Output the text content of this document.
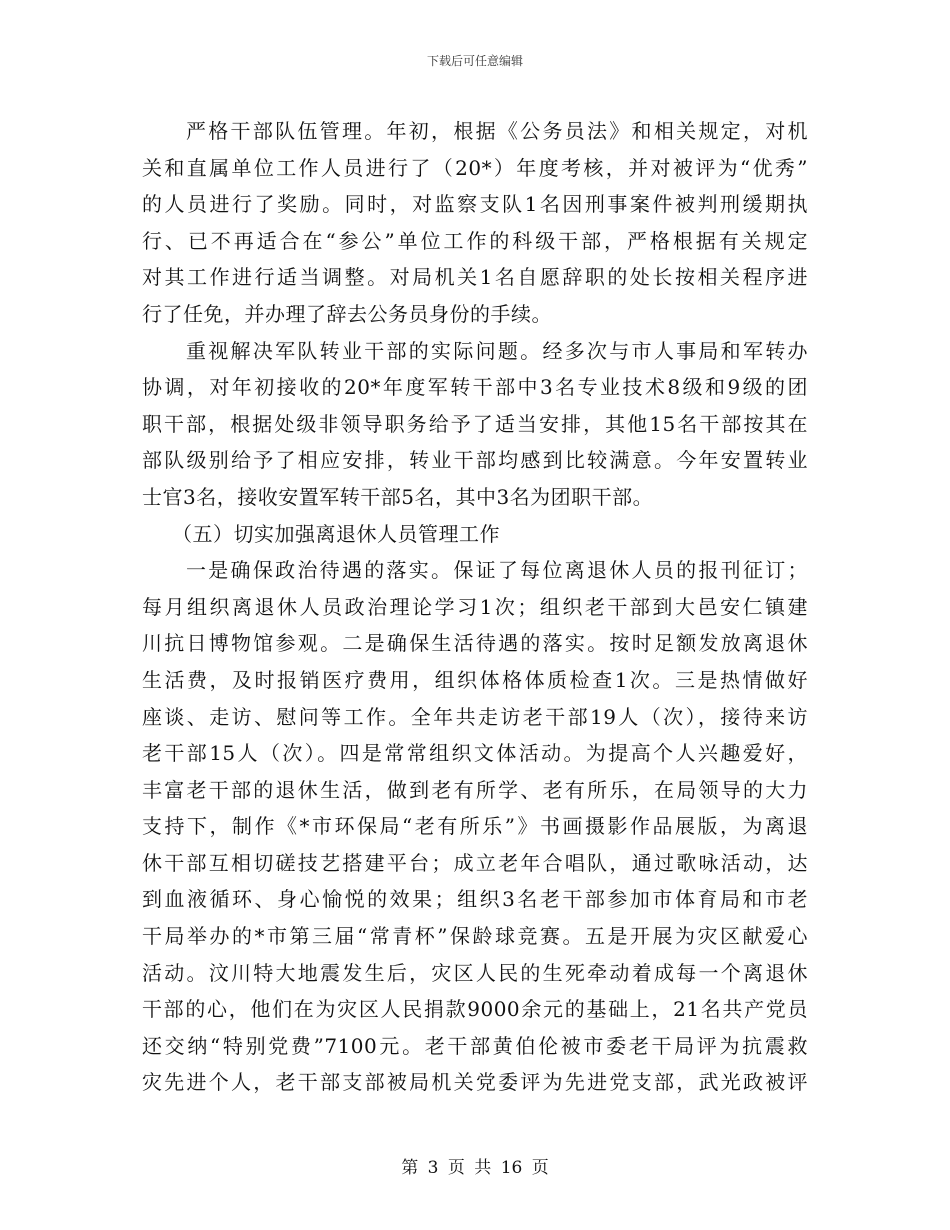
下载后可任意编辑
严格干部队伍管理。年初，根据《公务员法》和相关规定，对机
关和直属单位工作人员进行了（20*）年度考核，并对被评为“优秀”
的人员进行了奖励。同时，对监察支队1名因刑事案件被判刑缓期执
行、已不再适合在“参公”单位工作的科级干部，严格根据有关规定
对其工作进行适当调整。对局机关1名自愿辞职的处长按相关程序进
行了任免，并办理了辞去公务员身份的手续。
重视解决军队转业干部的实际问题。经多次与市人事局和军转办
协调，对年初接收的20*年度军转干部中3名专业技术8级和9级的团
职干部，根据处级非领导职务给予了适当安排，其他15名干部按其在
部队级别给予了相应安排，转业干部均感到比较满意。今年安置转业
士官3名，接收安置军转干部5名，其中3名为团职干部。
（五）切实加强离退休人员管理工作
一是确保政治待遇的落实。保证了每位离退休人员的报刊征订；
每月组织离退休人员政治理论学习1次；组织老干部到大邑安仁镇建
川抗日博物馆参观。二是确保生活待遇的落实。按时足额发放离退休
生活费，及时报销医疗费用，组织体格体质检查1次。三是热情做好
座谈、走访、慰问等工作。全年共走访老干部19人（次），接待来访
老干部15人（次）。四是常常组织文体活动。为提高个人兴趣爱好，
丰富老干部的退休生活，做到老有所学、老有所乐，在局领导的大力
支持下，制作《*市环保局“老有所乐”》书画摄影作品展版，为离退
休干部互相切磋技艺搭建平台；成立老年合唱队，通过歌咏活动，达
到血液循环、身心愉悦的效果；组织3名老干部参加市体育局和市老
干局举办的*市第三届“常青杯”保龄球竞赛。五是开展为灾区献爱心
活动。汶川特大地震发生后，灾区人民的生死牵动着成每一个离退休
干部的心，他们在为灾区人民捐款9000余元的基础上，21名共产党员
还交纳“特别党费”7100元。老干部黄伯伦被市委老干局评为抗震救
灾先进个人，老干部支部被局机关党委评为先进党支部，武光政被评
第 3 页 共 16 页
